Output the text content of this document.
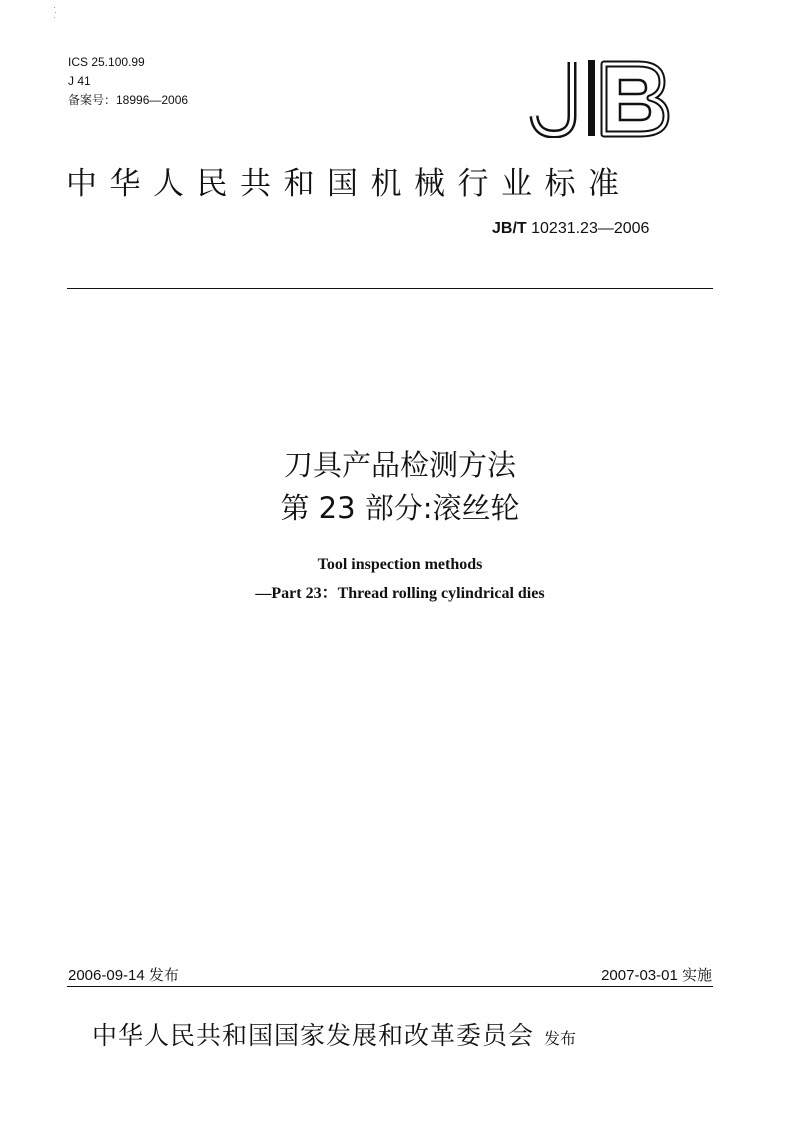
ICS 25.100.99
J 41
备案号：18996—2006
中华人民共和国机械行业标准
JB/T 10231.23—2006
刀具产品检测方法
第 23 部分:滚丝轮
Tool inspection methods
—Part 23：Thread rolling cylindrical dies
2006-09-14 发布	2007-03-01 实施
中华人民共和国国家发展和改革委员会 发布
